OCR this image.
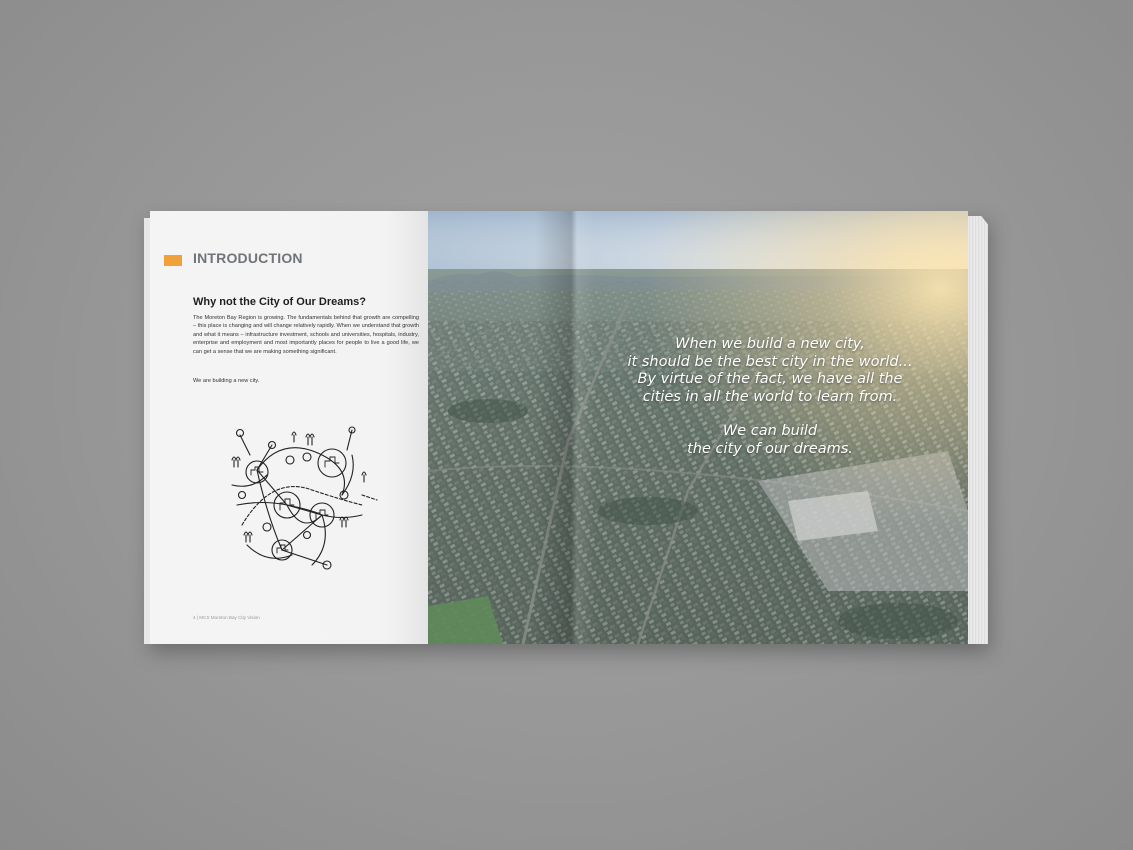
INTRODUCTION
Why not the City of Our Dreams?
The Moreton Bay Region is growing. The fundamentals behind that growth are compelling – this place is changing and will change relatively rapidly. When we understand that growth and what it means – infrastructure investment, schools and universities, hospitals, industry, enterprise and employment and most importantly places for people to live a good life, we can get a sense that we are making something significant.
We are building a new city.
4 | MCS Moreton Bay City Vision

When we build a new city,

it should be the best city in the world...

By virtue of the fact, we have all the

cities in all the world to learn from.

We can build

the city of our dreams.
